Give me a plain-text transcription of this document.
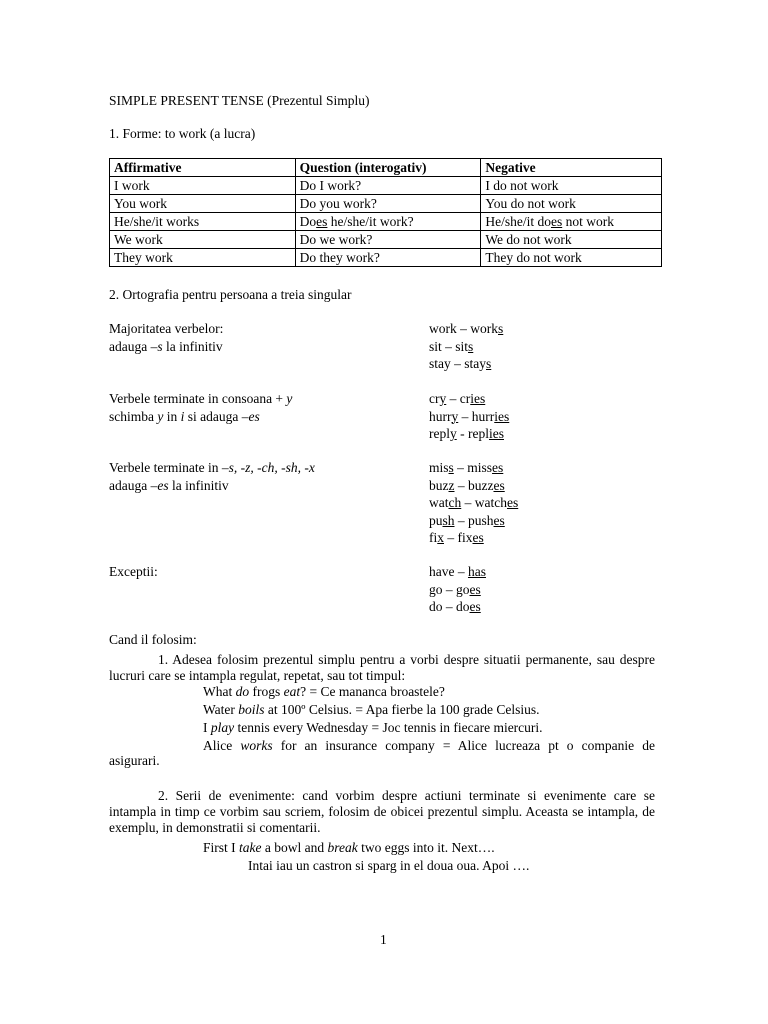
SIMPLE PRESENT TENSE (Prezentul Simplu)
1. Forme: to work (a lucra)
Affirmative	Question (interogativ)	Negative
I work	Do I work?	I do not work
You work	Do you work?	You do not work
He/she/it works	Does he/she/it work?	He/she/it does not work
We work	Do we work?	We do not work
They work	Do they work?	They do not work
2. Ortografia pentru persoana a treia singular
Majoritatea verbelor:
adauga –s la infinitiv
work – works
sit – sits
stay – stays
Verbele terminate in consoana + y
schimba y in i si adauga –es
cry – cries
hurry – hurries
reply - replies
Verbele terminate in –s, -z, -ch, -sh, -x
adauga –es la infinitiv
miss – misses
buzz – buzzes
watch – watches
push – pushes
fix – fixes
Exceptii:	have – has
go – goes
do – does
Cand il folosim:
1. Adesea folosim prezentul simplu pentru a vorbi despre situatii permanente, sau despre lucruri care se intampla regulat, repetat, sau tot timpul:
What do frogs eat? = Ce mananca broastele?
Water boils at 100º Celsius. = Apa fierbe la 100 grade Celsius.
I play tennis every Wednesday = Joc tennis in fiecare miercuri.
Alice works for an insurance company = Alice lucreaza pt o companie de
asigurari.
2. Serii de evenimente: cand vorbim despre actiuni terminate si evenimente care se intampla in timp ce vorbim sau scriem, folosim de obicei prezentul simplu. Aceasta se intampla, de exemplu, in demonstratii si comentarii.
First I take a bowl and break two eggs into it. Next….
Intai iau un castron si sparg in el doua oua. Apoi ….
1
